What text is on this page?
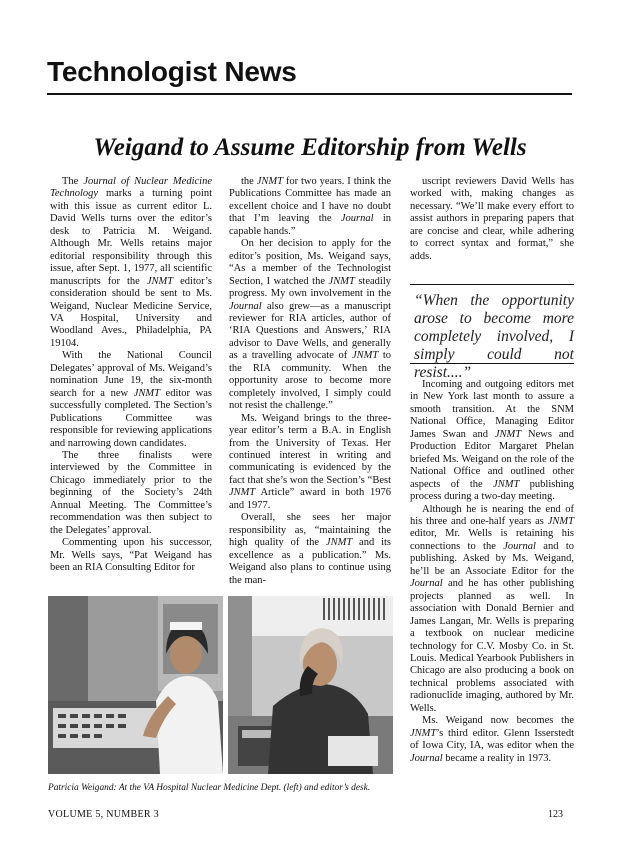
Technologist News
Weigand to Assume Editorship from Wells

The Journal of Nuclear Medicine Technology marks a turning point with this issue as current editor L. David Wells turns over the editor’s desk to Patricia M. Weigand. Although Mr. Wells retains major editorial responsibility through this issue, after Sept. 1, 1977, all scientific manuscripts for the JNMT editor’s consideration should be sent to Ms. Weigand, Nuclear Medicine Service, VA Hospital, University and Woodland Aves., Philadelphia, PA 19104.

With the National Council Delegates’ approval of Ms. Weigand’s nomination June 19, the six-month search for a new JNMT editor was successfully completed. The Section’s Publications Committee was responsible for reviewing applications and narrowing down candidates.

The three finalists were interviewed by the Committee in Chicago immediately prior to the beginning of the Society’s 24th Annual Meeting. The Committee’s recommendation was then subject to the Delegates’ approval.

Commenting upon his successor, Mr. Wells says, “Pat Weigand has been an RIA Consulting Editor for

the JNMT for two years. I think the Publications Committee has made an excellent choice and I have no doubt that I’m leaving the Journal in capable hands.”

On her decision to apply for the editor’s position, Ms. Weigand says, “As a member of the Technologist Section, I watched the JNMT steadily progress. My own involvement in the Journal also grew—as a manuscript reviewer for RIA articles, author of ‘RIA Questions and Answers,’ RIA advisor to Dave Wells, and generally as a travelling advocate of JNMT to the RIA community. When the opportunity arose to become more completely involved, I simply could not resist the challenge.”

Ms. Weigand brings to the three-year editor’s term a B.A. in English from the University of Texas. Her continued interest in writing and communicating is evidenced by the fact that she’s won the Section’s “Best JNMT Article” award in both 1976 and 1977.

Overall, she sees her major responsibility as, “maintaining the high quality of the JNMT and its excellence as a publication.” Ms. Weigand also plans to continue using the man-

uscript reviewers David Wells has worked with, making changes as necessary. “We’ll make every effort to assist authors in preparing papers that are concise and clear, while adhering to correct syntax and format,” she adds.

“When the opportunity arose to become more completely involved, I simply could not resist....”

Incoming and outgoing editors met in New York last month to assure a smooth transition. At the SNM National Office, Managing Editor James Swan and JNMT News and Production Editor Margaret Phelan briefed Ms. Weigand on the role of the National Office and outlined other aspects of the JNMT publishing process during a two-day meeting.

Although he is nearing the end of his three and one-half years as JNMT editor, Mr. Wells is retaining his connections to the Journal and to publishing. Asked by Ms. Weigand, he’ll be an Associate Editor for the Journal and he has other publishing projects planned as well. In association with Donald Bernier and James Langan, Mr. Wells is preparing a textbook on nuclear medicine technology for C.V. Mosby Co. in St. Louis. Medical Yearbook Publishers in Chicago are also producing a book on technical problems associated with radionuclide imaging, authored by Mr. Wells.

Ms. Weigand now becomes the JNMT’s third editor. Glenn Isserstedt of Iowa City, IA, was editor when the Journal became a reality in 1973.

Patricia Weigand: At the VA Hospital Nuclear Medicine Dept. (left) and editor’s desk.
VOLUME 5, NUMBER 3	123
